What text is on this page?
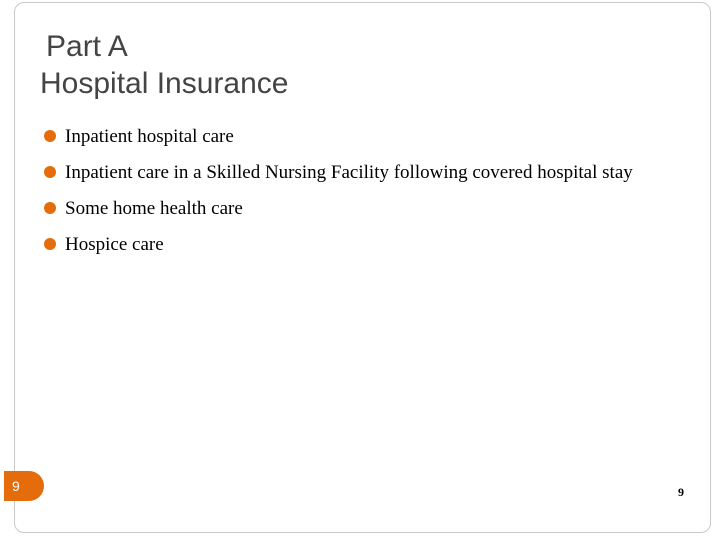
Part A
Hospital Insurance
Inpatient hospital care
Inpatient care in a Skilled Nursing Facility following covered hospital stay
Some home health care
Hospice care
9	9
